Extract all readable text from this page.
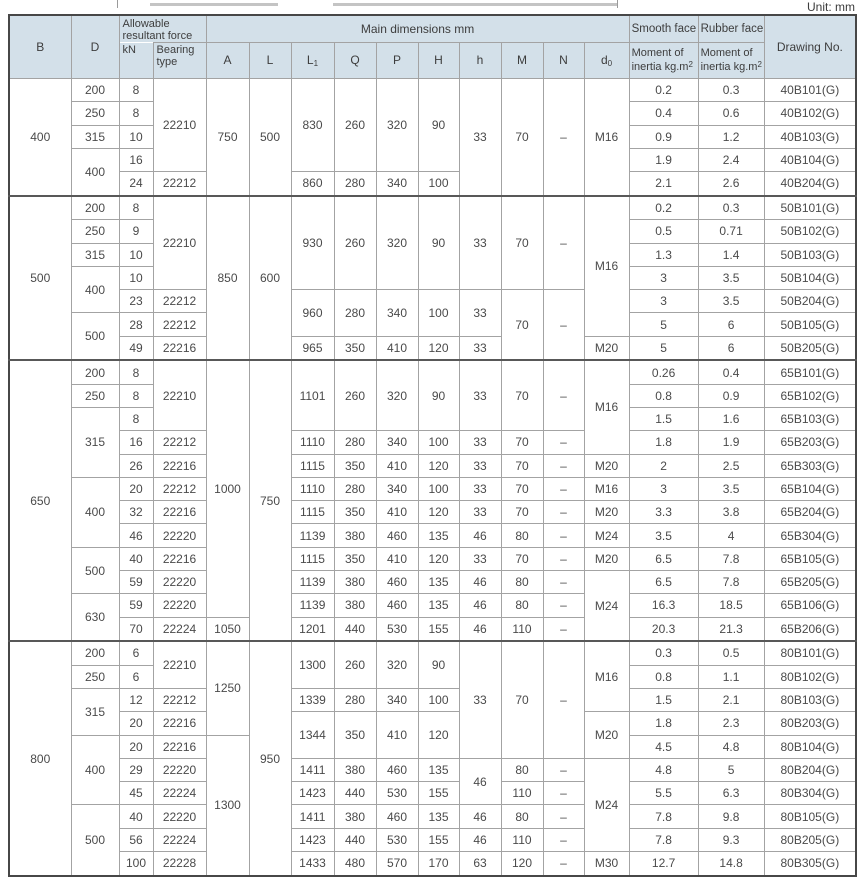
Unit: mm
B	D	Allowable resultant force		Main dimensions mm										Smooth face	Rubber face	Drawing No.
		kN	Bearing type	A	L	$L_1$	Q	P	H	h	M	N	$d_0$	Moment of inertia $kg.m^2$	Moment of inertia $kg.m^2$
400	200	8	22210	750	500	830	260	320	90	33	70	–	M16	0.2	0.3	40B101(G)
	250	8												0.4	0.6	40B102(G)
	315	10												0.9	1.2	40B103(G)
	400	16												1.9	2.4	40B104(G)
		24	22212			860	280	340	100					2.1	2.6	40B204(G)
500	200	8	22210	850	600	930	260	320	90	33	70	–	M16	0.2	0.3	50B101(G)
	250	9												0.5	0.71	50B102(G)
	315	10												1.3	1.4	50B103(G)
	400	10												3	3.5	50B104(G)
		23	22212			960	280	340	100	33	70	–		3	3.5	50B204(G)
	500	28	22212											5	6	50B105(G)
		49	22216			965	350	410	120	33			M20	5	6	50B205(G)
650	200	8	22210	1000	750	1101	260	320	90	33	70	–	M16	0.26	0.4	65B101(G)
	250	8												0.8	0.9	65B102(G)
	315	8												1.5	1.6	65B103(G)
		16	22212			1110	280	340	100	33	70	–		1.8	1.9	65B203(G)
		26	22216			1115	350	410	120	33	70	–	M20	2	2.5	65B303(G)
	400	20	22212			1110	280	340	100	33	70	–	M16	3	3.5	65B104(G)
		32	22216			1115	350	410	120	33	70	–	M20	3.3	3.8	65B204(G)
		46	22220			1139	380	460	135	46	80	–	M24	3.5	4	65B304(G)
	500	40	22216			1115	350	410	120	33	70	–	M20	6.5	7.8	65B105(G)
		59	22220			1139	380	460	135	46	80	–	M24	6.5	7.8	65B205(G)
	630	59	22220			1139	380	460	135	46	80	–		16.3	18.5	65B106(G)
		70	22224	1050		1201	440	530	155	46	110	–		20.3	21.3	65B206(G)
800	200	6	22210	1250	950	1300	260	320	90	33	70	–	M16	0.3	0.5	80B101(G)
	250	6												0.8	1.1	80B102(G)
	315	12	22212			1339	280	340	100					1.5	2.1	80B103(G)
		20	22216			1344	350	410	120				M20	1.8	2.3	80B203(G)
	400	20	22216	1300										4.5	4.8	80B104(G)
		29	22220			1411	380	460	135	46	80	–	M24	4.8	5	80B204(G)
		45	22224			1423	440	530	155		110	–		5.5	6.3	80B304(G)
	500	40	22220			1411	380	460	135	46	80	–		7.8	9.8	80B105(G)
		56	22224			1423	440	530	155	46	110	–		7.8	9.3	80B205(G)
		100	22228			1433	480	570	170	63	120	–	M30	12.7	14.8	80B305(G)
